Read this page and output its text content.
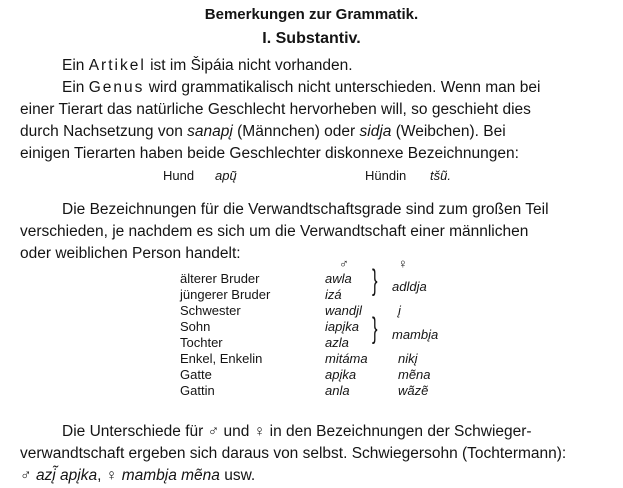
Bemerkungen zur Grammatik.
I. Substantiv.
Ein Artikel ist im Šipáia nicht vorhanden.
Ein Genus wird grammatikalisch nicht unterschieden. Wenn man bei
einer Tierart das natürliche Geschlecht hervorheben will, so geschieht dies
durch Nachsetzung von sanapį (Männchen) oder sidja (Weibchen). Bei
einigen Tierarten haben beide Geschlechter diskonnexe Bezeichnungen:
Hund apų̃	Hündin tšũ.
Die Bezeichnungen für die Verwandtschaftsgrade sind zum großen Teil
verschieden, je nachdem es sich um die Verwandtschaft einer männlichen
oder weiblichen Person handelt:
♂	♀
älterer Bruder
jüngerer Bruder
Schwester
Sohn
Tochter
Enkel, Enkelin
Gatte
Gattin
awla
izá
wandjl
iapįka
azla
mitáma
apįka
anla
} adldja
į
} mambįa
nikį
mẽna
wãzẽ
Die Unterschiede für ♂ und ♀ in den Bezeichnungen der Schwieger-
verwandtschaft ergeben sich daraus von selbst. Schwiegersohn (Tochtermann):
♂ azį̃ apįka, ♀ mambįa mẽna usw.
